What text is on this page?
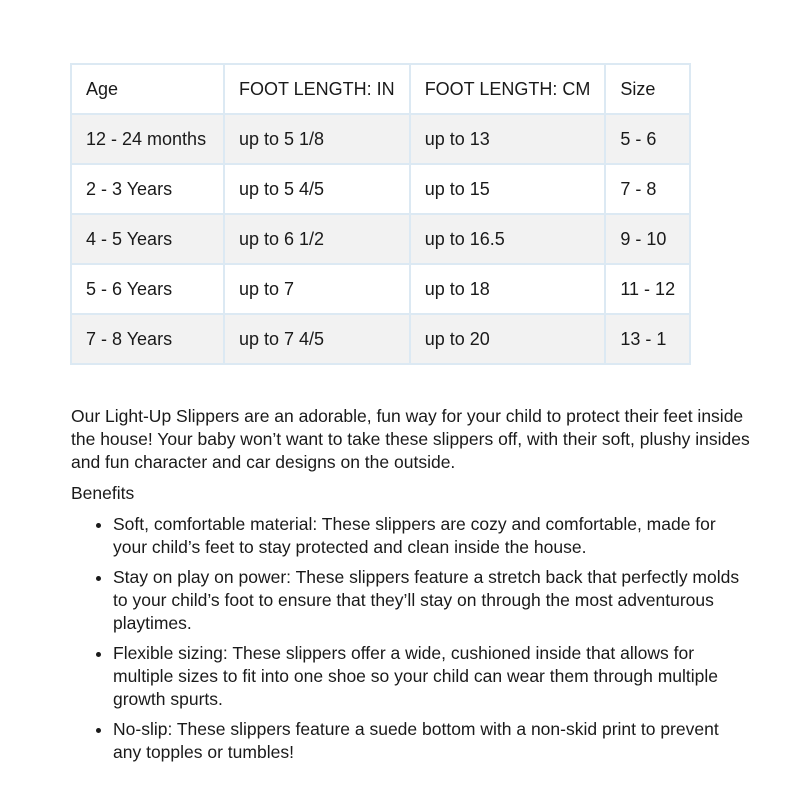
Age	FOOT LENGTH: IN	FOOT LENGTH: CM	Size
12 - 24 months	up to 5 1/8	up to 13	5 - 6
2 - 3 Years	up to 5 4/5	up to 15	7 - 8
4 - 5 Years	up to 6 1/2	up to 16.5	9 - 10
5 - 6 Years	up to 7	up to 18	11 - 12
7 - 8 Years	up to 7 4/5	up to 20	13 - 1

Our Light-Up Slippers are an adorable, fun way for your child to protect their feet inside the house! Your baby won’t want to take these slippers off, with their soft, plushy insides and fun character and car designs on the outside.

Benefits

• Soft, comfortable material: These slippers are cozy and comfortable, made for your child’s feet to stay protected and clean inside the house.
• Stay on play on power: These slippers feature a stretch back that perfectly molds to your child’s foot to ensure that they’ll stay on through the most adventurous playtimes.
• Flexible sizing: These slippers offer a wide, cushioned inside that allows for multiple sizes to fit into one shoe so your child can wear them through multiple growth spurts.
• No-slip: These slippers feature a suede bottom with a non-skid print to prevent any topples or tumbles!
